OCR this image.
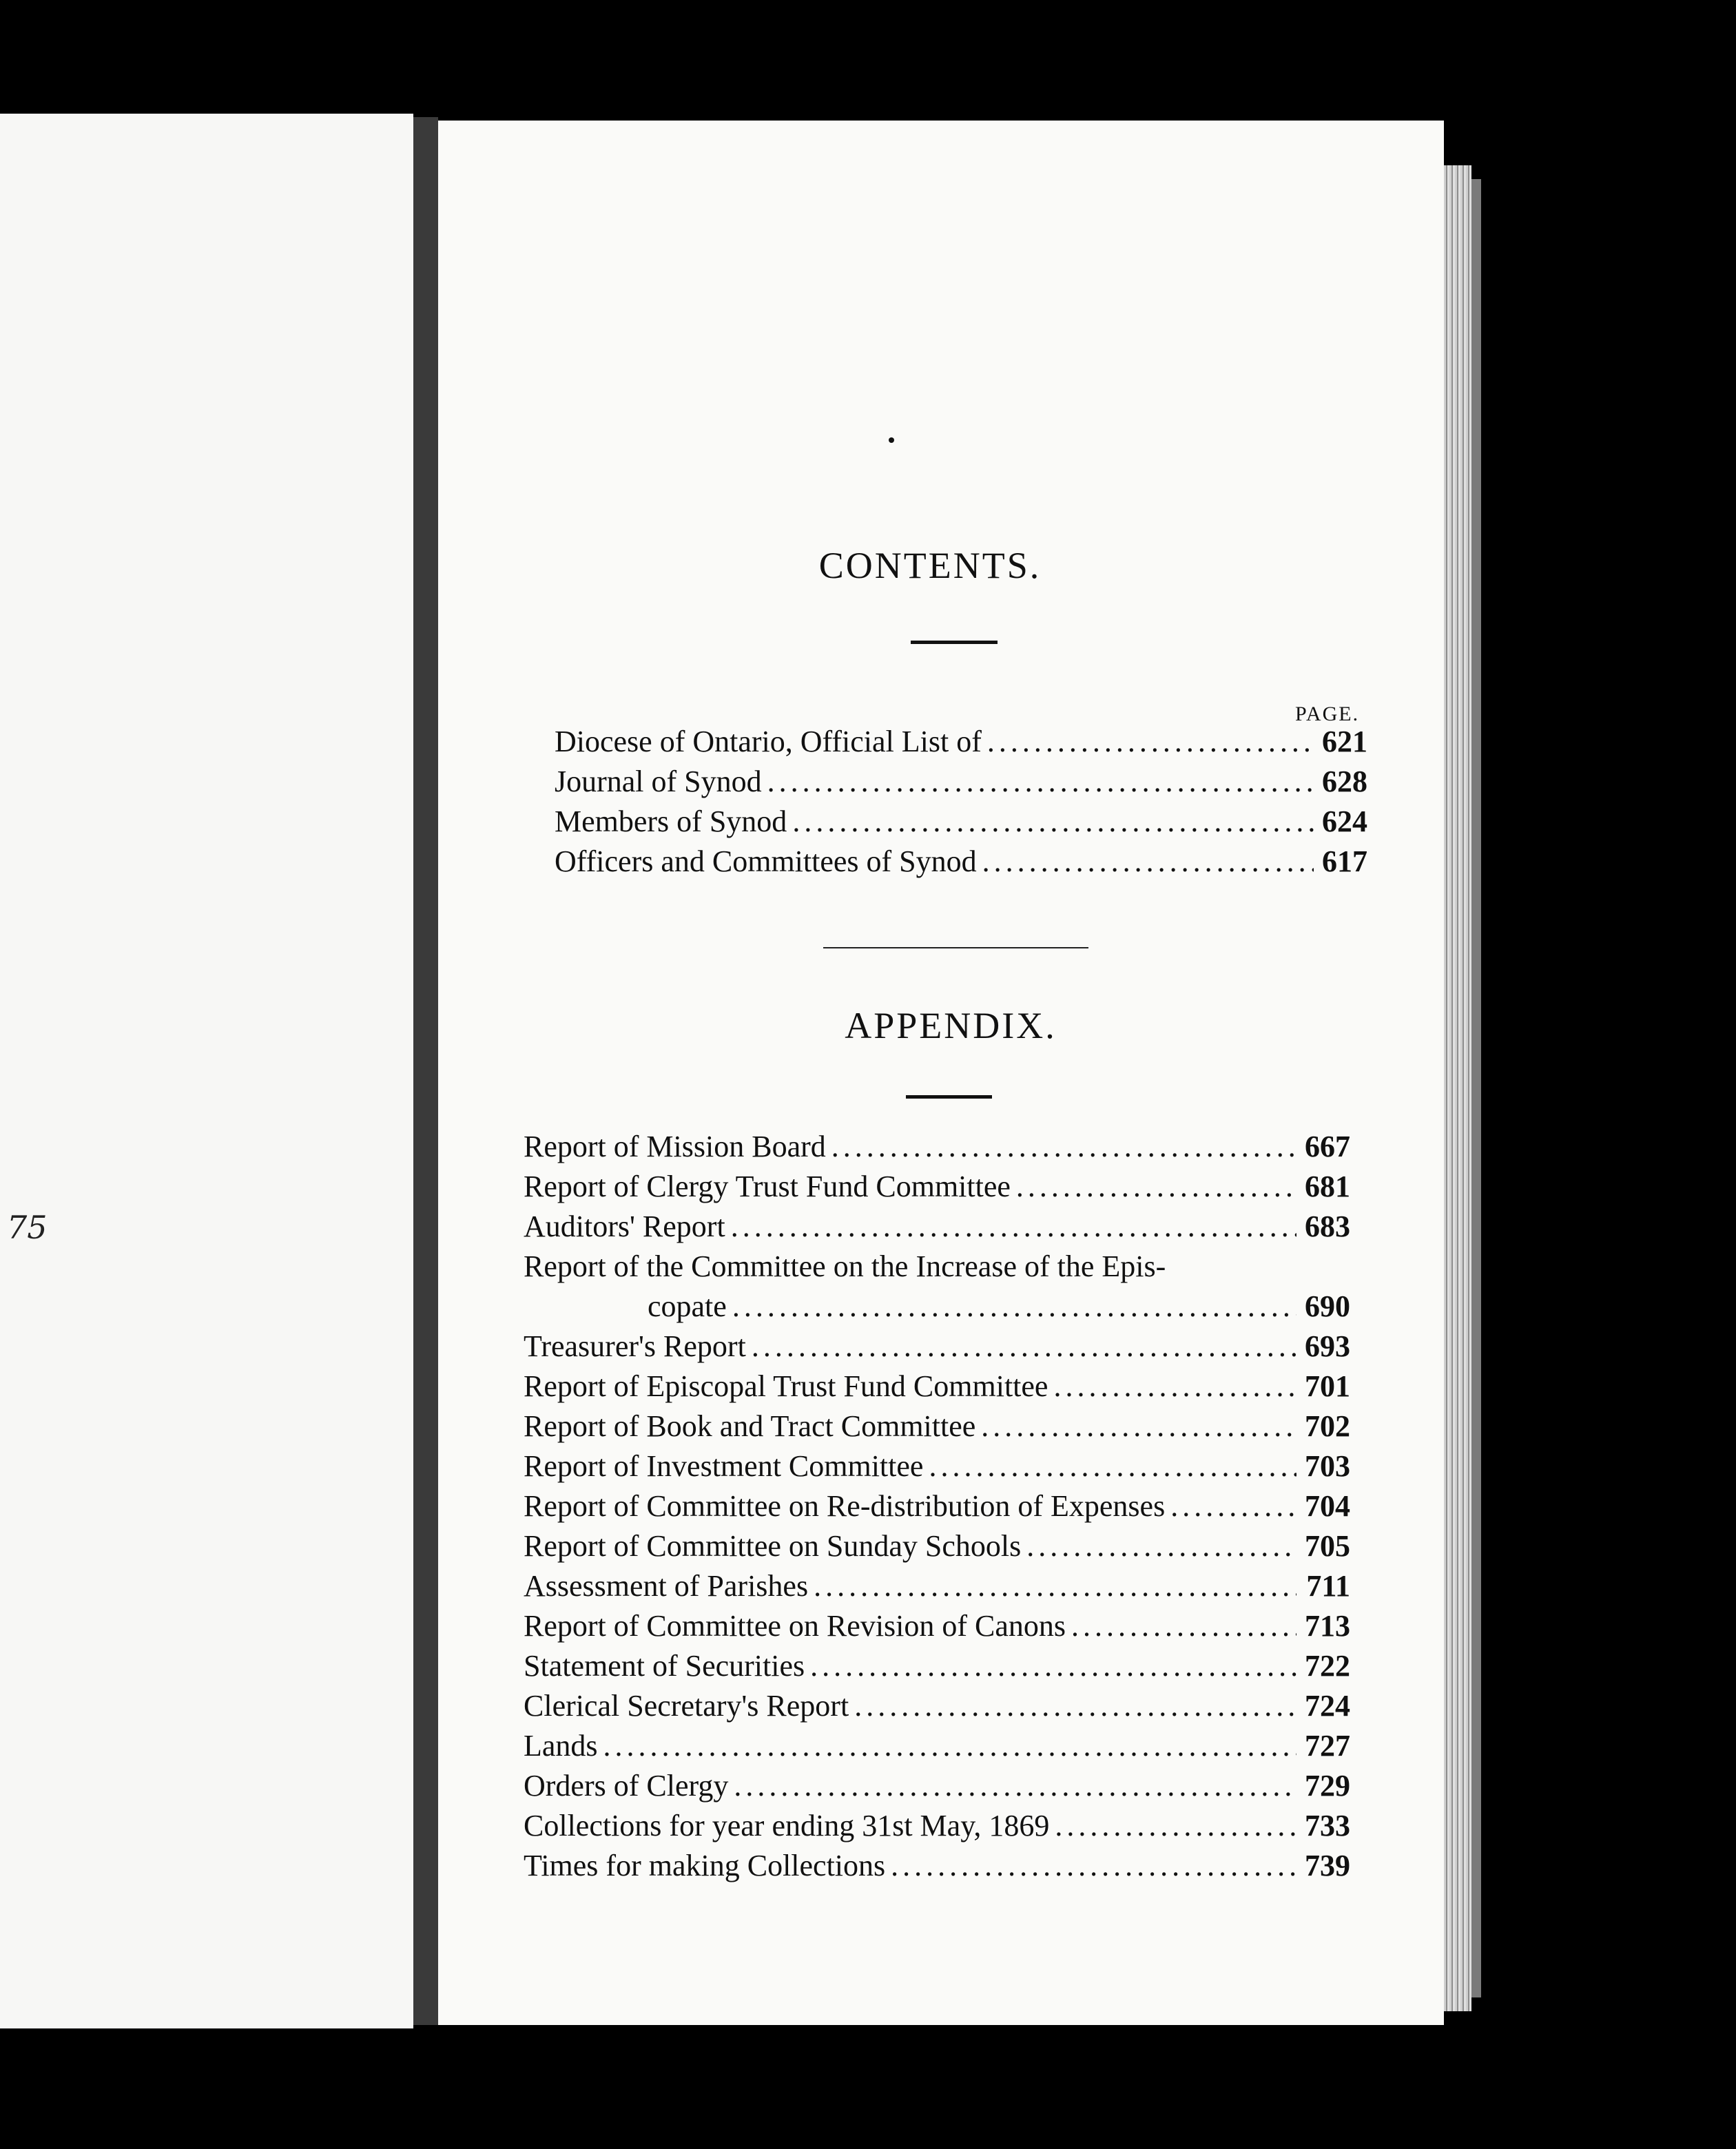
75
CONTENTS.
PAGE.
Diocese of Ontario, Official List of .....	621
Journal of Synod .....	628
Members of Synod .....	624
Officers and Committees of Synod .....	617
APPENDIX.
Report of Mission Board .....	667
Report of Clergy Trust Fund Committee .....	681
Auditors' Report .....	683
Report of the Committee on the Increase of the Epis-
copate .....	690
Treasurer's Report .....	693
Report of Episcopal Trust Fund Committee .....	701
Report of Book and Tract Committee .....	702
Report of Investment Committee .....	703
Report of Committee on Re-distribution of Expenses .....	704
Report of Committee on Sunday Schools .....	705
Assessment of Parishes .....	711
Report of Committee on Revision of Canons .....	713
Statement of Securities .....	722
Clerical Secretary's Report .....	724
Lands .....	727
Orders of Clergy .....	729
Collections for year ending 31st May, 1869 .....	733
Times for making Collections .....	739
